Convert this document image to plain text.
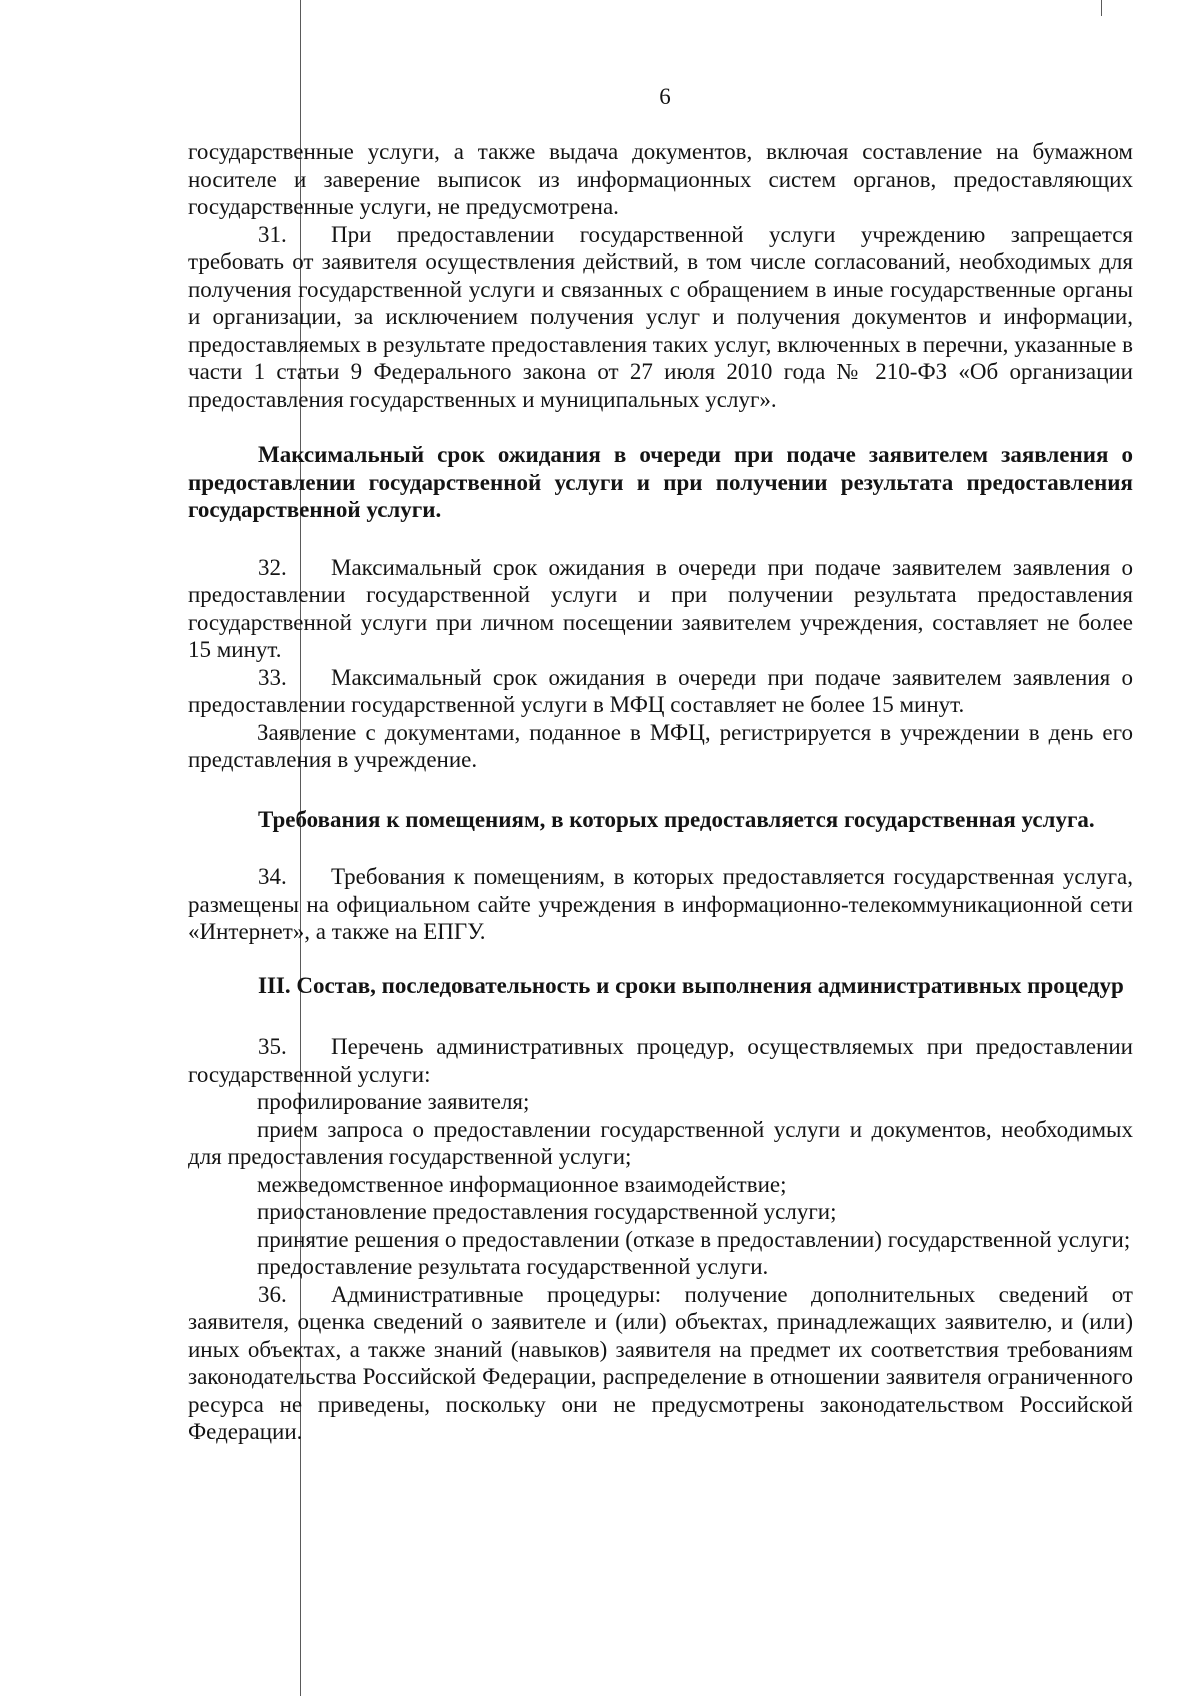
6

государственные услуги, а также выдача документов, включая составление на бумажном носителе и заверение выписок из информационных систем органов, предоставляющих государственные услуги, не предусмотрена.

31. При предоставлении государственной услуги учреждению запрещается требовать от заявителя осуществления действий, в том числе согласований, необходимых для получения государственной услуги и связанных с обращением в иные государственные органы и организации, за исключением получения услуг и получения документов и информации, предоставляемых в результате предоставления таких услуг, включенных в перечни, указанные в части 1 статьи 9 Федерального закона от 27 июля 2010 года № 210-ФЗ «Об организации предоставления государственных и муниципальных услуг».

Максимальный срок ожидания в очереди при подаче заявителем заявления о предоставлении государственной услуги и при получении результата предоставления государственной услуги.

32. Максимальный срок ожидания в очереди при подаче заявителем заявления о предоставлении государственной услуги и при получении результата предоставления государственной услуги при личном посещении заявителем учреждения, составляет не более 15 минут.

33. Максимальный срок ожидания в очереди при подаче заявителем заявления о предоставлении государственной услуги в МФЦ составляет не более 15 минут.

Заявление с документами, поданное в МФЦ, регистрируется в учреждении в день его представления в учреждение.

Требования к помещениям, в которых предоставляется государственная услуга.

34. Требования к помещениям, в которых предоставляется государственная услуга, размещены на официальном сайте учреждения в информационно-телекоммуникационной сети «Интернет», а также на ЕПГУ.

III. Состав, последовательность и сроки выполнения административных процедур

35. Перечень административных процедур, осуществляемых при предоставлении государственной услуги:

профилирование заявителя;

прием запроса о предоставлении государственной услуги и документов, необходимых для предоставления государственной услуги;

межведомственное информационное взаимодействие;

приостановление предоставления государственной услуги;

принятие решения о предоставлении (отказе в предоставлении) государственной услуги;

предоставление результата государственной услуги.

36. Административные процедуры: получение дополнительных сведений от заявителя, оценка сведений о заявителе и (или) объектах, принадлежащих заявителю, и (или) иных объектах, а также знаний (навыков) заявителя на предмет их соответствия требованиям законодательства Российской Федерации, распределение в отношении заявителя ограниченного ресурса не приведены, поскольку они не предусмотрены законодательством Российской Федерации.
